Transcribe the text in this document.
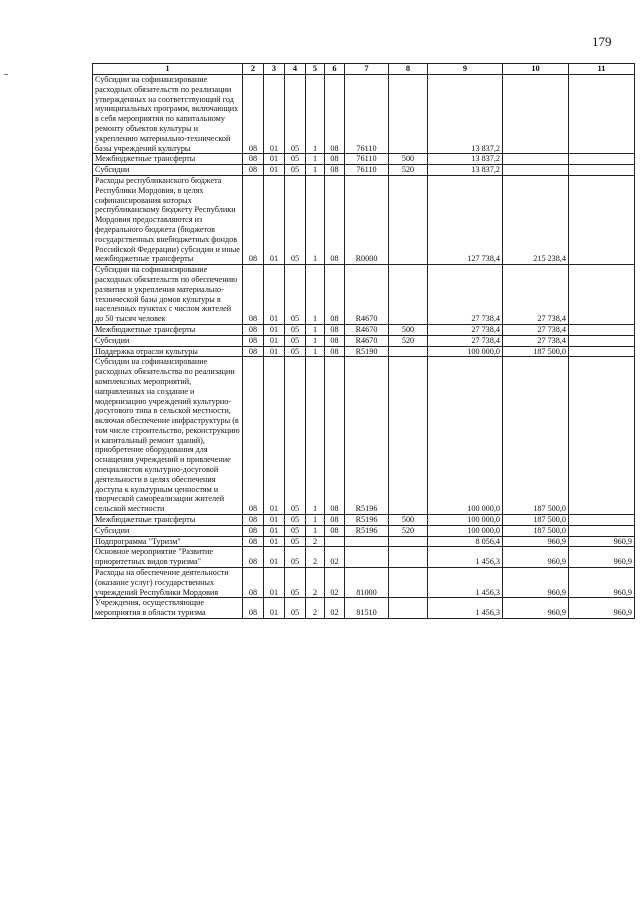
179
1	2	3	4	5	6	7	8	9	10	11
Субсидии на софинансирование расходных обязательств по реализации утвержденных на соответствующий год муниципальных программ, включающих в себя мероприятия по капитальному ремонту объектов культуры и укреплению материально-технической базы учреждений культуры	08	01	05	1	08	76110		13 837,2		
Межбюджетные трансферты	08	01	05	1	08	76110	500	13 837,2		
Субсидии	08	01	05	1	08	76110	520	13 837,2		
Расходы республиканского бюджета Республики Мордовия, в целях софинансирования которых республиканскому бюджету Республики Мордовия предоставляются из федерального бюджета (бюджетов государственных внебюджетных фондов Российской Федерации) субсидии и иные межбюджетные трансферты	08	01	05	1	08	R0000		127 738,4	215 238,4	
Субсидии на софинансирование расходных обязательств по обеспечению развития и укрепления материально-технической базы домов культуры в населенных пунктах с числом жителей до 50 тысяч человек	08	01	05	1	08	R4670		27 738,4	27 738,4	
Межбюджетные трансферты	08	01	05	1	08	R4670	500	27 738,4	27 738,4	
Субсидии	08	01	05	1	08	R4670	520	27 738,4	27 738,4	
Поддержка отрасли культуры	08	01	05	1	08	R5190		100 000,0	187 500,0	
Субсидии на софинансирование расходных обязательства по реализации комплексных мероприятий, направленных на создание и модернизацию учреждений культурно-досугового типа в сельской местности, включая обеспечение инфраструктуры (в том числе строительство, реконструкцию и капитальный ремонт зданий), приобретение оборудования для оснащения учреждений и привлечение специалистов культурно-досуговой деятельности в целях обеспечения доступа к культурным ценностям и творческой самореализации жителей сельской местности	08	01	05	1	08	R5196		100 000,0	187 500,0	
Межбюджетные трансферты	08	01	05	1	08	R5196	500	100 000,0	187 500,0	
Субсидии	08	01	05	1	08	R5196	520	100 000,0	187 500,0	
Подпрограмма "Туризм"	08	01	05	2				8 056,4	960,9	960,9
Основное мероприятие "Развитие приоритетных видов туризма"	08	01	05	2	02			1 456,3	960,9	960,9
Расходы на обеспечение деятельности (оказание услуг) государственных учреждений Республики Мордовия	08	01	05	2	02	81000		1 456,3	960,9	960,9
Учреждения, осуществляющие мероприятия в области туризма	08	01	05	2	02	81510		1 456,3	960,9	960,9
